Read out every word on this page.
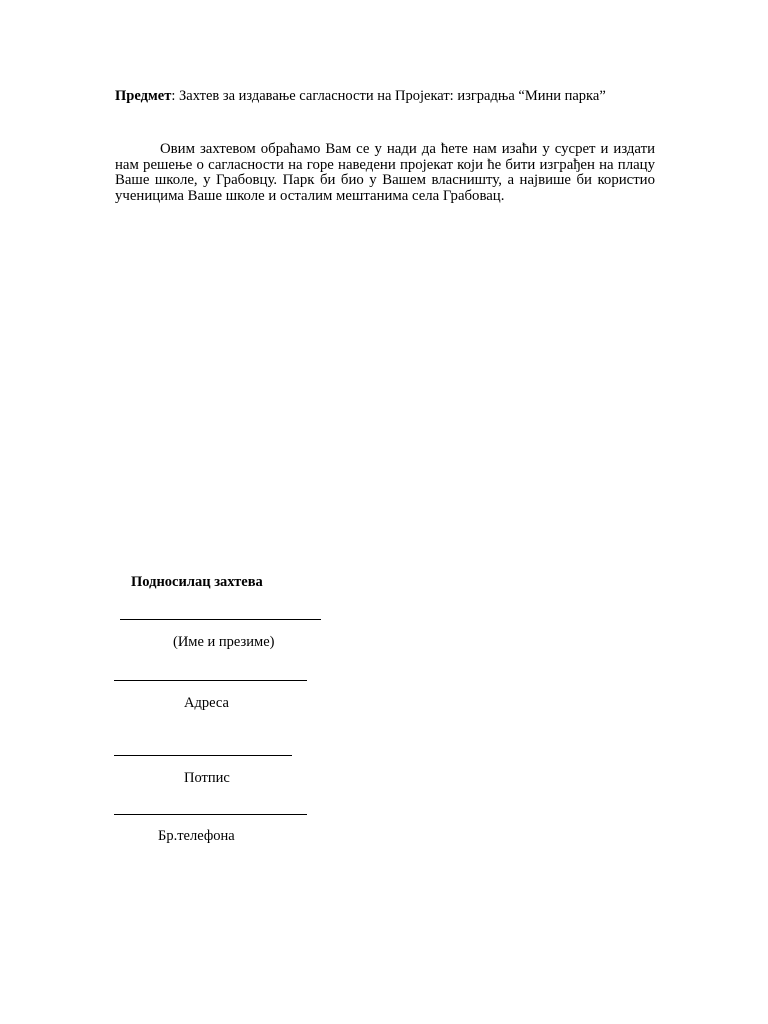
Предмет: Захтев за издавање сагласности на Пројекат: изградња “Мини парка”

Овим захтевом обраћамо Вам се у нади да ћете нам изаћи у сусрет и издати нам решење о сагласности на горе наведени пројекат који ће бити изграђен на плацу Ваше школе, у Грабовцу. Парк би био у Вашем власништу, а највише би користио ученицима Ваше школе и осталим мештанима села Грабовац.

Подносилац захтева
(Име и презиме)
Адреса
Потпис
Бр.телефона
